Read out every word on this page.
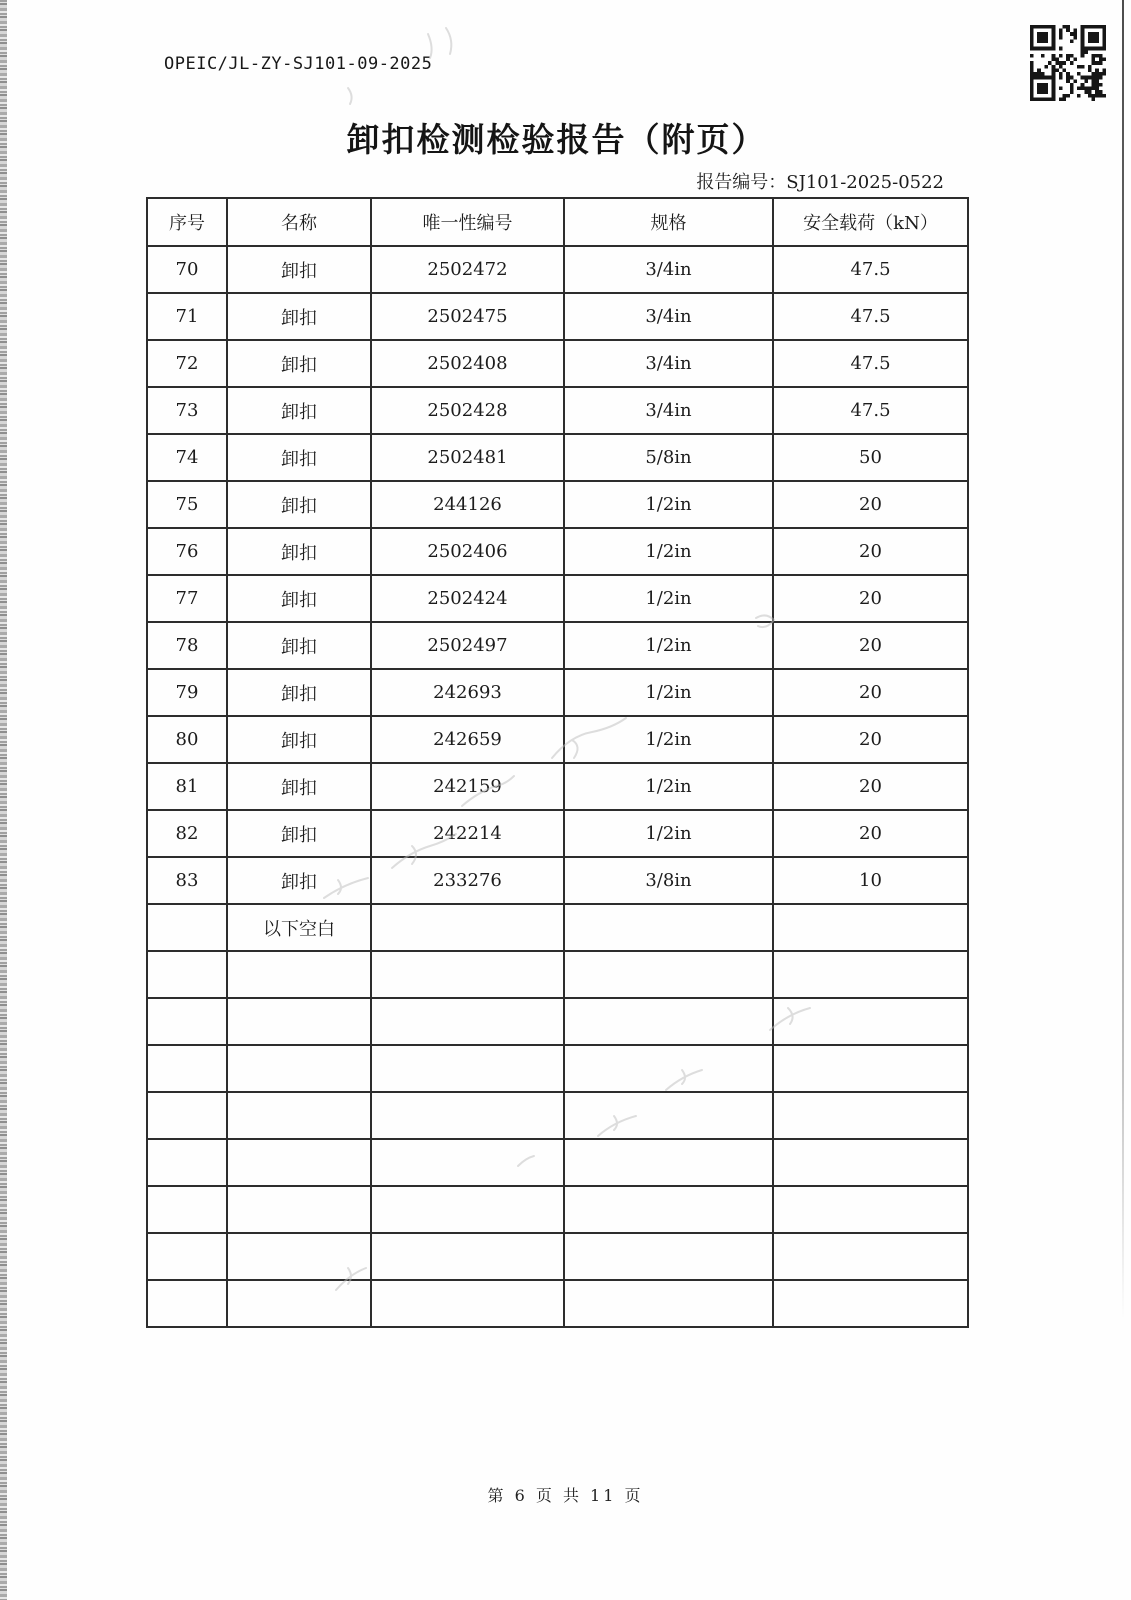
OPEIC/JL-ZY-SJ101-09-2025
卸扣检测检验报告（附页）
报告编号：SJ101-2025-0522
序号	名称	唯一性编号	规格	安全载荷（kN）
70	卸扣	2502472	3/4in	47.5
71	卸扣	2502475	3/4in	47.5
72	卸扣	2502408	3/4in	47.5
73	卸扣	2502428	3/4in	47.5
74	卸扣	2502481	5/8in	50
75	卸扣	244126	1/2in	20
76	卸扣	2502406	1/2in	20
77	卸扣	2502424	1/2in	20
78	卸扣	2502497	1/2in	20
79	卸扣	242693	1/2in	20
80	卸扣	242659	1/2in	20
81	卸扣	242159	1/2in	20
82	卸扣	242214	1/2in	20
83	卸扣	233276	3/8in	10
	以下空白			

第 6 页 共 11 页
